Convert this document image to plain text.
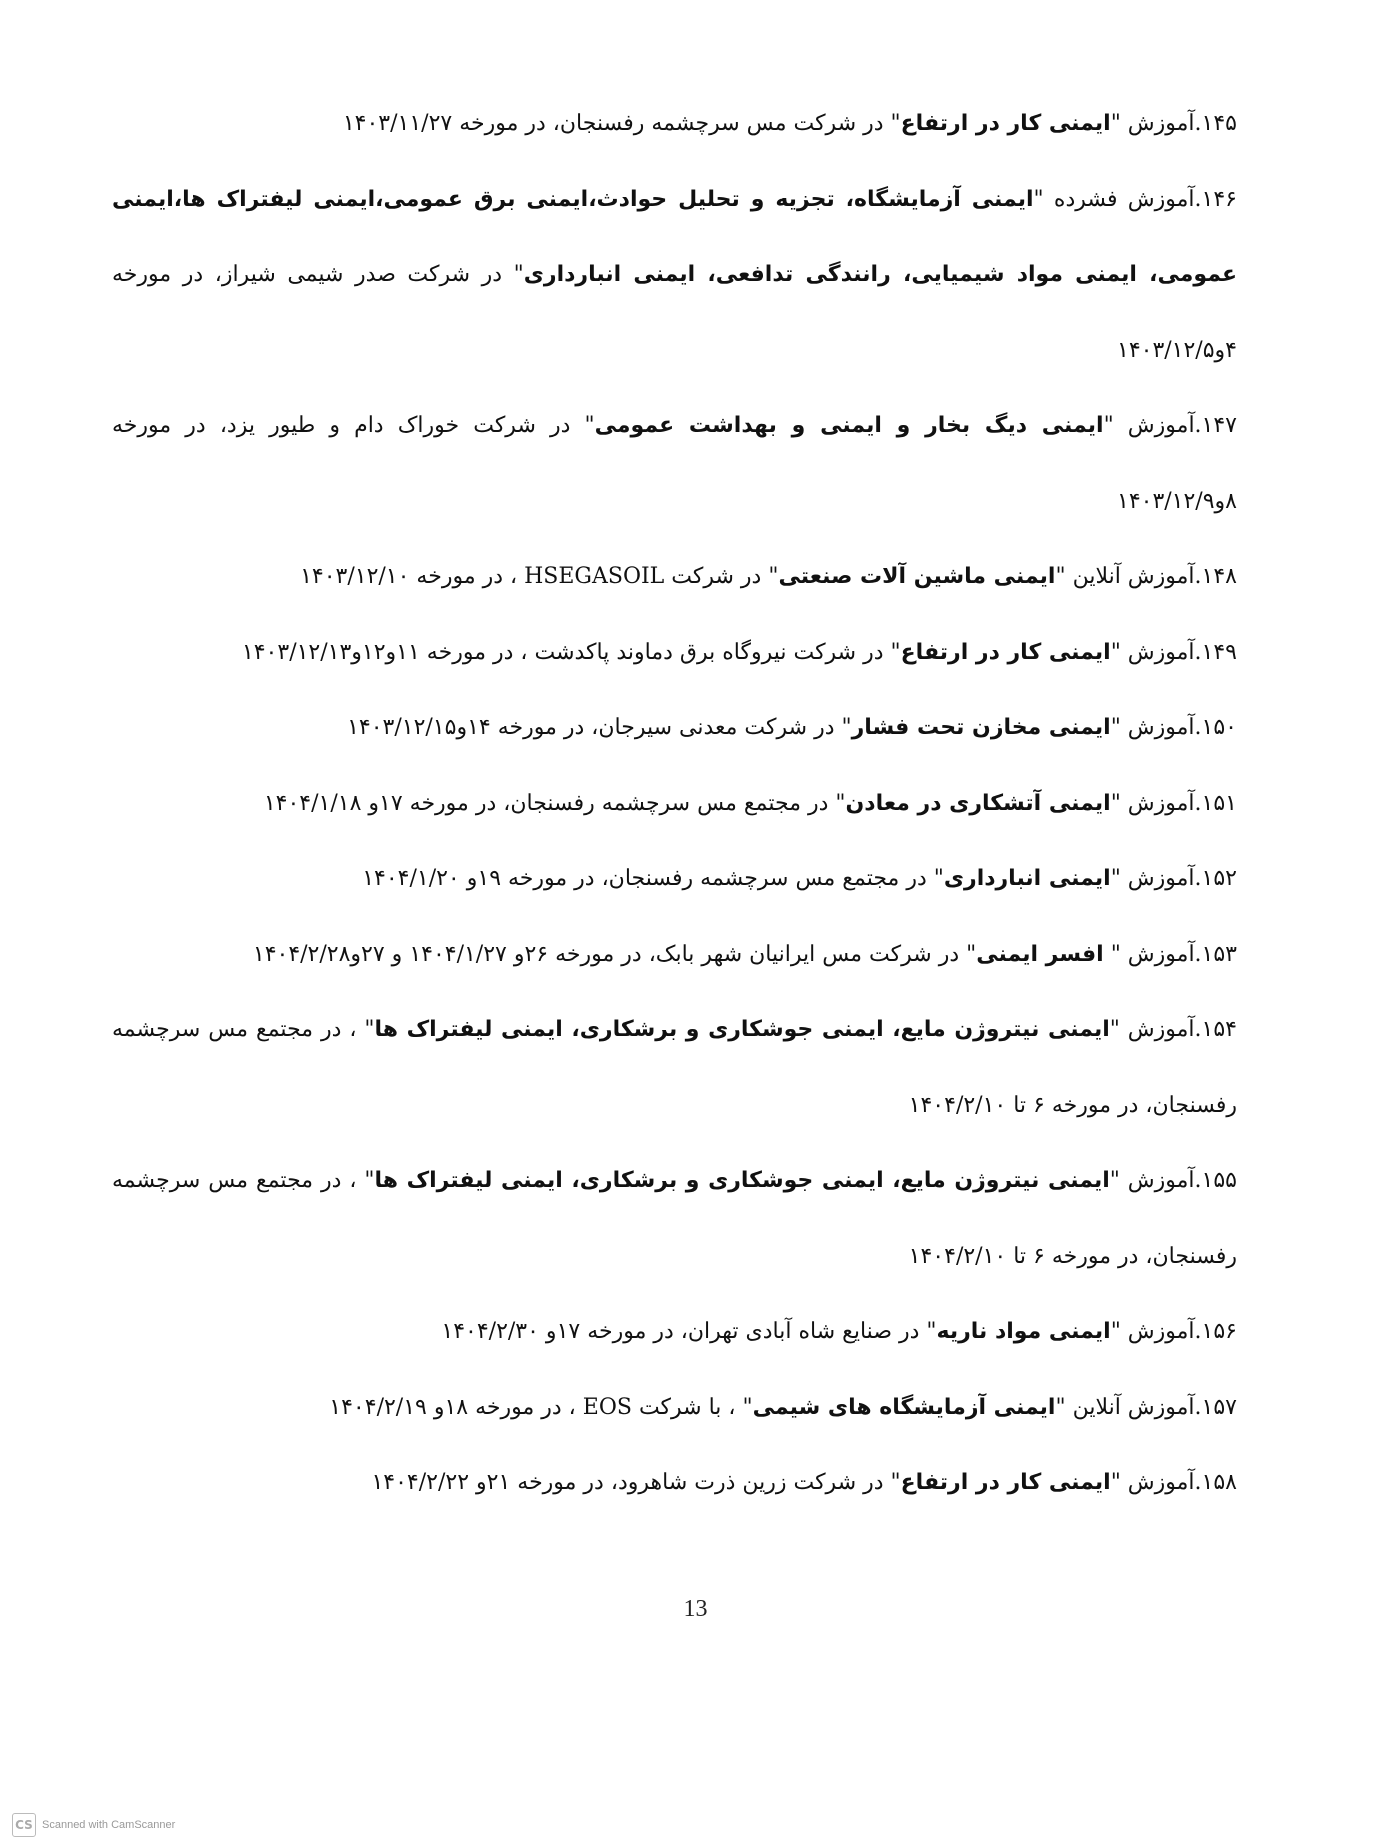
۱۴۵.آموزش "ایمنی کار در ارتفاع" در شرکت مس سرچشمه رفسنجان، در مورخه ۱۴۰۳/۱۱/۲۷

۱۴۶.آموزش فشرده "ایمنی آزمایشگاه، تجزیه و تحلیل حوادث،ایمنی برق عمومی،ایمنی لیفتراک ها،ایمنی عمومی، ایمنی مواد شیمیایی، رانندگی تدافعی، ایمنی انبارداری" در شرکت صدر شیمی شیراز، در مورخه ۴و۱۴۰۳/۱۲/۵

۱۴۷.آموزش "ایمنی دیگ بخار و ایمنی و بهداشت عمومی" در شرکت خوراک دام و طیور یزد، در مورخه ۸و۱۴۰۳/۱۲/۹

۱۴۸.آموزش آنلاین "ایمنی ماشین آلات صنعتی" در شرکت HSEGASOIL ، در مورخه ۱۴۰۳/۱۲/۱۰

۱۴۹.آموزش "ایمنی کار در ارتفاع" در شرکت نیروگاه برق دماوند پاکدشت ، در مورخه ۱۱و۱۲و۱۴۰۳/۱۲/۱۳

۱۵۰.آموزش "ایمنی مخازن تحت فشار" در شرکت معدنی سیرجان، در مورخه ۱۴و۱۴۰۳/۱۲/۱۵

۱۵۱.آموزش "ایمنی آتشکاری در معادن" در مجتمع مس سرچشمه رفسنجان، در مورخه ۱۷و ۱۴۰۴/۱/۱۸

۱۵۲.آموزش "ایمنی انبارداری" در مجتمع مس سرچشمه رفسنجان، در مورخه ۱۹و ۱۴۰۴/۱/۲۰

۱۵۳.آموزش " افسر ایمنی" در شرکت مس ایرانیان شهر بابک، در مورخه ۲۶و ۱۴۰۴/۱/۲۷ و ۲۷و۱۴۰۴/۲/۲۸

۱۵۴.آموزش "ایمنی نیتروژن مایع، ایمنی جوشکاری و برشکاری، ایمنی لیفتراک ها" ، در مجتمع مس سرچشمه رفسنجان، در مورخه ۶ تا ۱۴۰۴/۲/۱۰

۱۵۵.آموزش "ایمنی نیتروژن مایع، ایمنی جوشکاری و برشکاری، ایمنی لیفتراک ها" ، در مجتمع مس سرچشمه رفسنجان، در مورخه ۶ تا ۱۴۰۴/۲/۱۰

۱۵۶.آموزش "ایمنی مواد ناریه" در صنایع شاه آبادی تهران، در مورخه ۱۷و ۱۴۰۴/۲/۳۰

۱۵۷.آموزش آنلاین "ایمنی آزمایشگاه های شیمی" ، با شرکت EOS ، در مورخه ۱۸و ۱۴۰۴/۲/۱۹

۱۵۸.آموزش "ایمنی کار در ارتفاع" در شرکت زرین ذرت شاهرود، در مورخه ۲۱و ۱۴۰۴/۲/۲۲

13
CS Scanned with CamScanner
